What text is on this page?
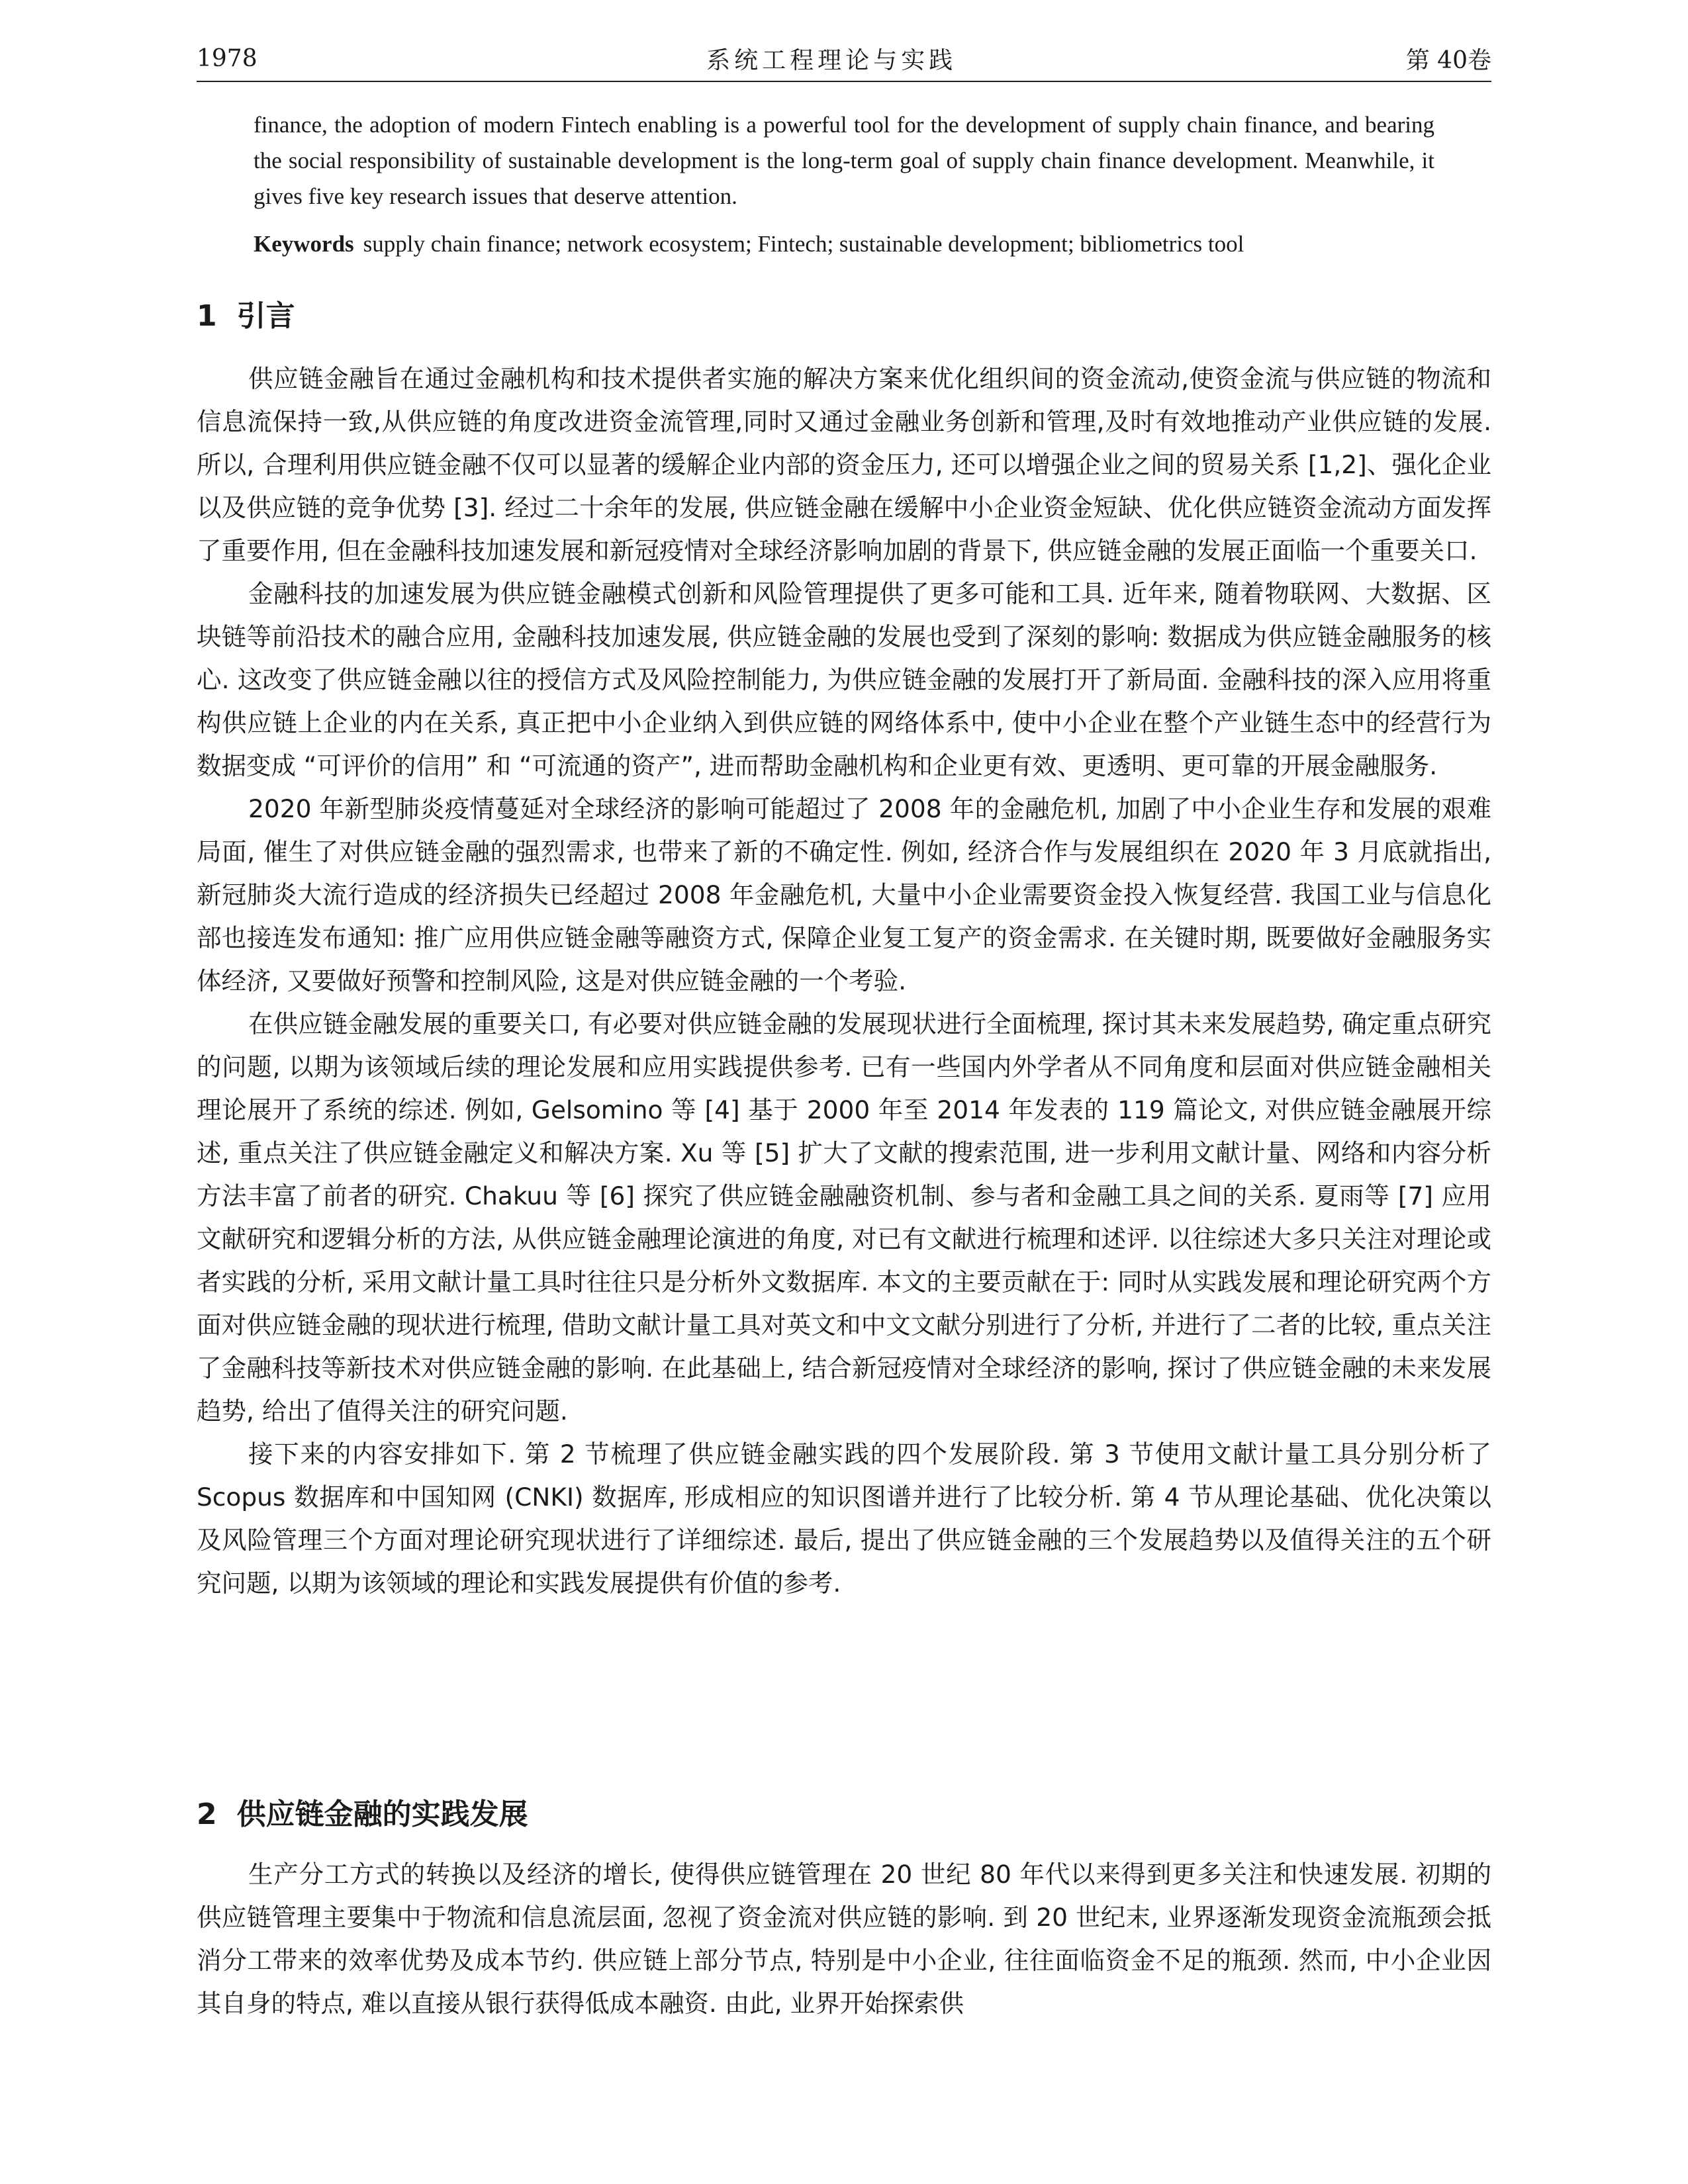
1978	系统工程理论与实践	第 40卷

finance, the adoption of modern Fintech enabling is a powerful tool for the development of supply chain finance, and bearing the social responsibility of sustainable development is the long-term goal of supply chain finance development. Meanwhile, it gives five key research issues that deserve attention.

Keywords supply chain finance; network ecosystem; Fintech; sustainable development; bibliometrics tool

1 引言

供应链金融旨在通过金融机构和技术提供者实施的解决方案来优化组织间的资金流动,使资金流与供应链的物流和信息流保持一致,从供应链的角度改进资金流管理,同时又通过金融业务创新和管理,及时有效地推动产业供应链的发展. 所以, 合理利用供应链金融不仅可以显著的缓解企业内部的资金压力, 还可以增强企业之间的贸易关系 [1,2]、强化企业以及供应链的竞争优势 [3]. 经过二十余年的发展, 供应链金融在缓解中小企业资金短缺、优化供应链资金流动方面发挥了重要作用, 但在金融科技加速发展和新冠疫情对全球经济影响加剧的背景下, 供应链金融的发展正面临一个重要关口.

金融科技的加速发展为供应链金融模式创新和风险管理提供了更多可能和工具. 近年来, 随着物联网、大数据、区块链等前沿技术的融合应用, 金融科技加速发展, 供应链金融的发展也受到了深刻的影响: 数据成为供应链金融服务的核心. 这改变了供应链金融以往的授信方式及风险控制能力, 为供应链金融的发展打开了新局面. 金融科技的深入应用将重构供应链上企业的内在关系, 真正把中小企业纳入到供应链的网络体系中, 使中小企业在整个产业链生态中的经营行为数据变成 “可评价的信用” 和 “可流通的资产”, 进而帮助金融机构和企业更有效、更透明、更可靠的开展金融服务.

2020 年新型肺炎疫情蔓延对全球经济的影响可能超过了 2008 年的金融危机, 加剧了中小企业生存和发展的艰难局面, 催生了对供应链金融的强烈需求, 也带来了新的不确定性. 例如, 经济合作与发展组织在 2020 年 3 月底就指出, 新冠肺炎大流行造成的经济损失已经超过 2008 年金融危机, 大量中小企业需要资金投入恢复经营. 我国工业与信息化部也接连发布通知: 推广应用供应链金融等融资方式, 保障企业复工复产的资金需求. 在关键时期, 既要做好金融服务实体经济, 又要做好预警和控制风险, 这是对供应链金融的一个考验.

在供应链金融发展的重要关口, 有必要对供应链金融的发展现状进行全面梳理, 探讨其未来发展趋势, 确定重点研究的问题, 以期为该领域后续的理论发展和应用实践提供参考. 已有一些国内外学者从不同角度和层面对供应链金融相关理论展开了系统的综述. 例如, Gelsomino 等 [4] 基于 2000 年至 2014 年发表的 119 篇论文, 对供应链金融展开综述, 重点关注了供应链金融定义和解决方案. Xu 等 [5] 扩大了文献的搜索范围, 进一步利用文献计量、网络和内容分析方法丰富了前者的研究. Chakuu 等 [6] 探究了供应链金融融资机制、参与者和金融工具之间的关系. 夏雨等 [7] 应用文献研究和逻辑分析的方法, 从供应链金融理论演进的角度, 对已有文献进行梳理和述评. 以往综述大多只关注对理论或者实践的分析, 采用文献计量工具时往往只是分析外文数据库. 本文的主要贡献在于: 同时从实践发展和理论研究两个方面对供应链金融的现状进行梳理, 借助文献计量工具对英文和中文文献分别进行了分析, 并进行了二者的比较, 重点关注了金融科技等新技术对供应链金融的影响. 在此基础上, 结合新冠疫情对全球经济的影响, 探讨了供应链金融的未来发展趋势, 给出了值得关注的研究问题.

接下来的内容安排如下. 第 2 节梳理了供应链金融实践的四个发展阶段. 第 3 节使用文献计量工具分别分析了 Scopus 数据库和中国知网 (CNKI) 数据库, 形成相应的知识图谱并进行了比较分析. 第 4 节从理论基础、优化决策以及风险管理三个方面对理论研究现状进行了详细综述. 最后, 提出了供应链金融的三个发展趋势以及值得关注的五个研究问题, 以期为该领域的理论和实践发展提供有价值的参考.

2 供应链金融的实践发展

生产分工方式的转换以及经济的增长, 使得供应链管理在 20 世纪 80 年代以来得到更多关注和快速发展. 初期的供应链管理主要集中于物流和信息流层面, 忽视了资金流对供应链的影响. 到 20 世纪末, 业界逐渐发现资金流瓶颈会抵消分工带来的效率优势及成本节约. 供应链上部分节点, 特别是中小企业, 往往面临资金不足的瓶颈. 然而, 中小企业因其自身的特点, 难以直接从银行获得低成本融资. 由此, 业界开始探索供
